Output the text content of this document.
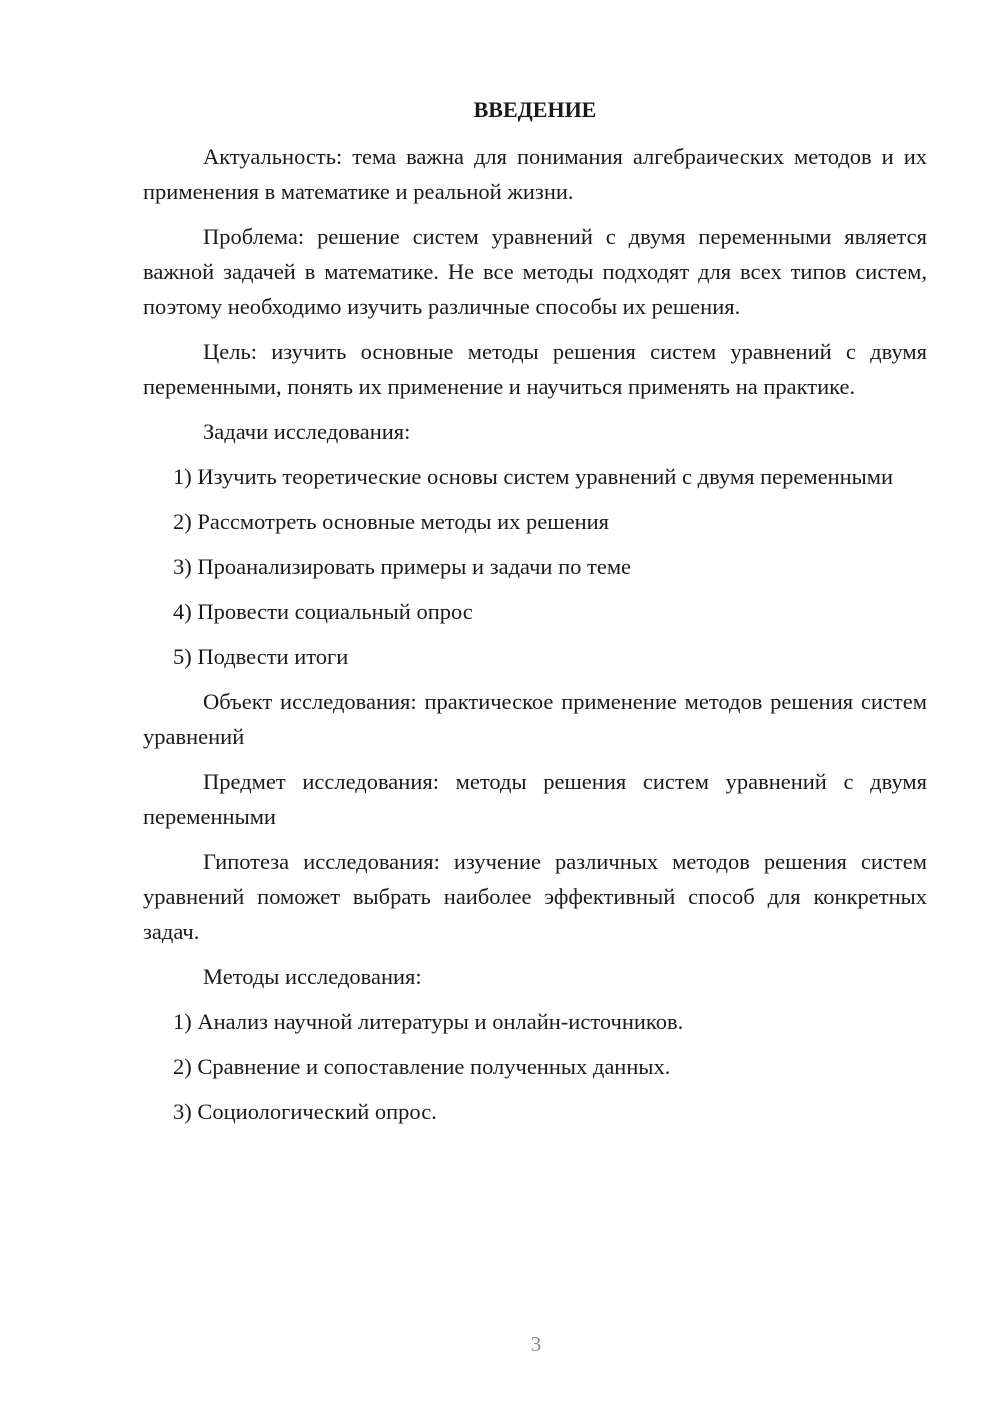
ВВЕДЕНИЕ

Актуальность: тема важна для понимания алгебраических методов и их применения в математике и реальной жизни.

Проблема: решение систем уравнений с двумя переменными является важной задачей в математике. Не все методы подходят для всех типов систем, поэтому необходимо изучить различные способы их решения.

Цель: изучить основные методы решения систем уравнений с двумя переменными, понять их применение и научиться применять на практике.

Задачи исследования:

1) Изучить теоретические основы систем уравнений с двумя переменными

2) Рассмотреть основные методы их решения

3) Проанализировать примеры и задачи по теме

4) Провести социальный опрос

5) Подвести итоги

Объект исследования: практическое применение методов решения систем уравнений

Предмет исследования: методы решения систем уравнений с двумя переменными

Гипотеза исследования: изучение различных методов решения систем уравнений поможет выбрать наиболее эффективный способ для конкретных задач.

Методы исследования:

1) Анализ научной литературы и онлайн-источников.

2) Сравнение и сопоставление полученных данных.

3) Социологический опрос.

3
